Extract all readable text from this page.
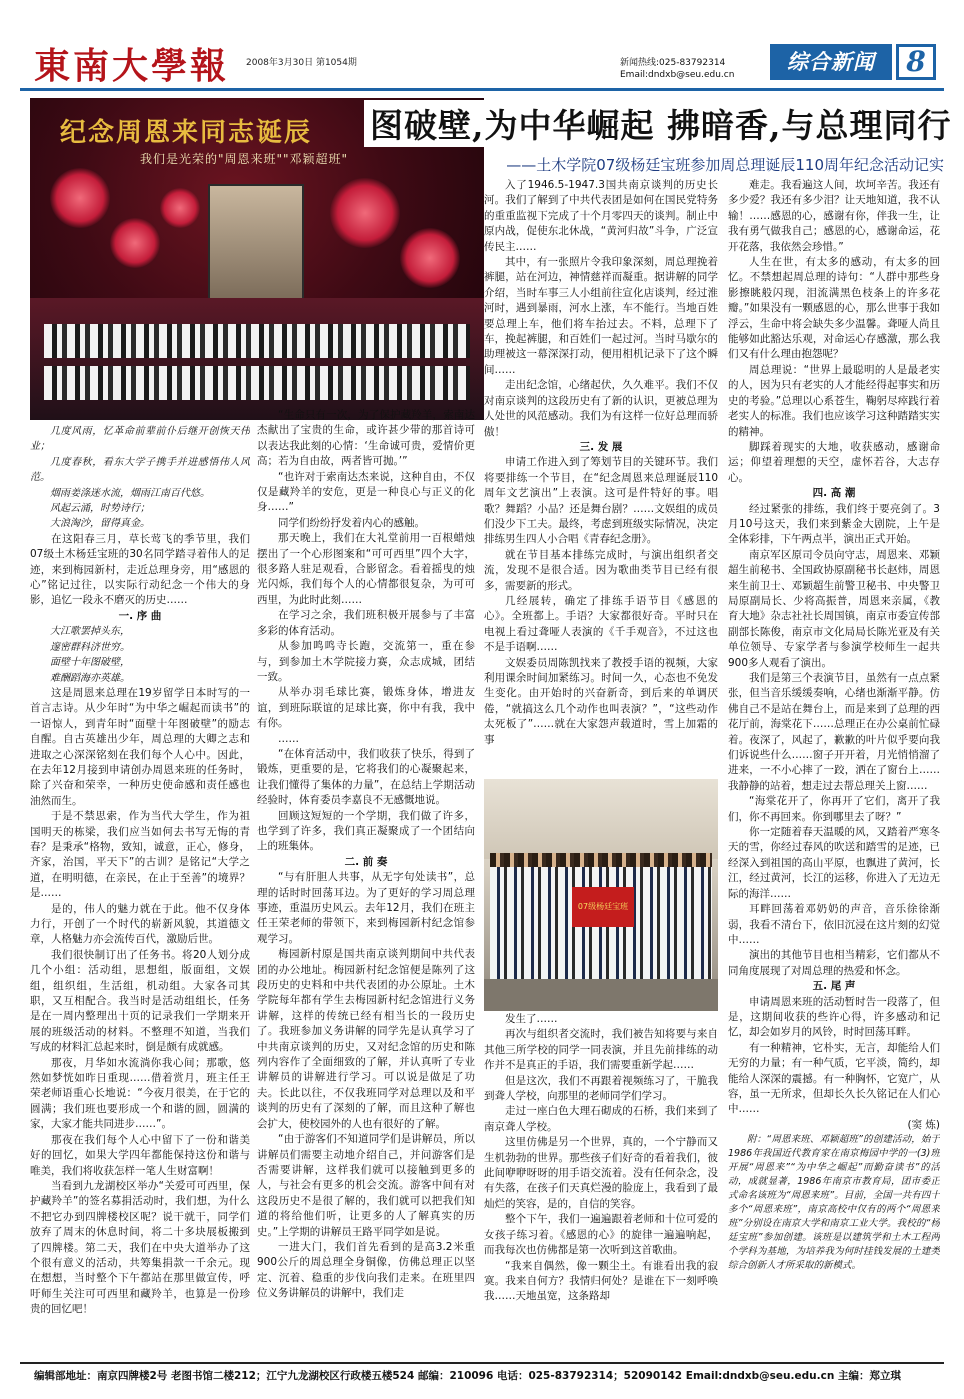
東南大學報 2008年3月30日 第1054期	新闻热线:025-83792314
Email:dndxb@seu.edu.cn
综合新闻	8
纪念周恩来同志诞辰
我们是光荣的"周恩来班""邓颖超班"
图破壁,为中华崛起 拂暗香,与总理同行
——土木学院07级杨廷宝班参加周总理诞辰110周年纪念活动记实

几度风雨，忆革命前辈前仆后继开创恢天伟业；

几度春秋，看东大学子携手并进感悟伟人风范。

烟雨姜涤迷水流，烟雨江南百代悠。

风起云涌，时势诗行；

大浪淘沙，留得真金。

在这阳春三月，草长莺飞的季节里，我们07级土木杨廷宝班的30名同学踏寻着伟人的足迹，来到梅园新村，走近总理身旁，用“感恩的心”铭记过往，以实际行动纪念一个伟大的身影，追忆一段永不磨灭的历史……

一. 序 曲

大江歌罢掉头东，

邃密群科济世穷。

面壁十年图破壁，

难酬蹈海亦英雄。

这是周恩来总理在19岁留学日本时写的一首言志诗。从少年时“为中华之崛起而读书”的一语惊人，到青年时“面壁十年图破壁”的励志自醒。自古英雄出少年，周总理的大卿之志和进取之心深深铭刻在我们每个人心中。因此，在去年12月接到申请创办周恩来班的任务时，除了兴奋和荣幸，一种历史使命感和责任感也油然而生。

于是不禁思索，作为当代大学生，作为祖国明天的栋梁，我们应当如何去书写无悔的青春？是秉承“格物，致知，诚意，正心，修身，齐家，治国，平天下”的古训？是铭记“大学之道，在明明德，在亲民，在止于至善”的境界？是……

是的，伟人的魅力就在于此。他不仅身体力行，开创了一个时代的崭新风貌，其道德文章，人格魅力亦会流传百代，激励后世。

我们很快制订出了任务书。将20人划分成几个小组：活动组，思想组，版面组，文娱组，组织组，生活组，机动组。大家各司其职，又互相配合。我当时是活动组组长，任务是在一周内整理出十页的记录我们一学期来开展的班级活动的材料。不整理不知道，当我们写成的材料汇总起来时，倒是颇有成就感。

那夜，月华如水流淌你我心间；那歌，悠然如梦恍如昨日重现……借着赏月，班主任王荣老师语重心长地说：“今夜月很美，在于它的圆满；我们班也要形成一个和谐的圆，圆满的家，大家才能共同进步……”。

那夜在我们每个人心中留下了一份和谐美好的回忆，如果大学四年都能保持这份和谐与唯美，我们将收获怎样一笔人生财富啊！

当看到九龙湖校区举办“关爱可可西里，保护藏羚羊”的签名募捐活动时，我们想，为什么不把它办到四牌楼校区呢？说干就干，同学们放弃了周末的休息时间，将二十多块展板搬到了四牌楼。第二天，我们在中央大道举办了这个很有意义的活动，共筹集捐款一千余元。现在想想，当时整个下午都站在那里做宣传，呼吁师生关注可可西里和藏羚羊，也算是一份珍贵的回忆吧！

“生命只有一次，为了保护藏羚羊，索南达杰献出了宝贵的生命，或许甚少带的那首诗可以表达我此刻的心情：‘生命诚可贵，爱情价更高；若为自由故，两者皆可抛。’”

“也许对于索南达杰来说，这种自由，不仅仅是藏羚羊的安危，更是一种良心与正义的化身……”

同学们纷纷抒发着内心的感触。

那天晚上，我们在大礼堂前用一百根蜡烛摆出了一个心形图案和“可可西里”四个大字，很多路人驻足观看，合影留念。看着摇曳的烛光闪烁，我们每个人的心情都很复杂，为可可西里，为此时此刻……

在学习之余，我们班积极开展参与了丰富多彩的体育活动。

从参加鸣鸣寺长跑，交流第一，重在参与，到参加土木学院接力赛，众志成城，团结一致。

从举办羽毛球比赛，锻炼身体，增进友谊，到班际联谊的足球比赛，你中有我，我中有你。

……

“在体育活动中，我们收获了快乐，得到了锻炼，更重要的是，它将我们的心凝聚起来，让我们懂得了集体的力量”，在总结上学期活动经验时，体育委员李嘉良不无感慨地说。

回顾这短短的一个学期，我们做了许多，也学到了许多，我们真正凝聚成了一个团结向上的班集体。

二. 前 奏

“与有肝胆人共事，从无字句处读书”，总理的话时时回荡耳边。为了更好的学习周总理事迹，重温历史风云。去年12月，我们在班主任王荣老师的带领下，来到梅园新村纪念馆参观学习。

梅园新村原是国共南京谈判期间中共代表团的办公地址。梅园新村纪念馆便是陈列了这段历史的史料和中共代表团的办公原址。土木学院每年都有学生去梅园新村纪念馆进行义务讲解，这样的传统已经有相当长的一段历史了。我班参加义务讲解的同学先是认真学习了中共南京谈判的历史，又对纪念馆的历史和陈列内容作了全面细致的了解，并认真听了专业讲解员的讲解进行学习。可以说是做足了功夫。长此以往，不仅我班同学对总理以及和平谈判的历史有了深刻的了解，而且这种了解也会扩大，使校园外的人也有很好的了解。

“由于游客们不知道同学们是讲解员，所以讲解员们需要主动地介绍自己，并问游客们是否需要讲解，这样我们就可以接触到更多的人，与社会有更多的机会交流。游客中间有对这段历史不是很了解的，我们就可以把我们知道的将给他们听，让更多的人了解真实的历史。”上学期的讲解员王路平同学如是说。

一进大门，我们首先看到的是高3.2米重900公斤的周总理全身铜像，仿佛总理正以坚定、沉着、稳重的步伐向我们走来。在班里四位义务讲解员的讲解中，我们走

入了1946.5-1947.3国共南京谈判的历史长河。我们了解到了中共代表团是如何在国民党特务的重重监视下完成了十个月零四天的谈判。制止中原内战，促使东北休战，“黄河归故”斗争，广泛宣传民主……

其中，有一张照片令我印象深刻，周总理挽着裤腿，站在河边，神情慈祥而凝重。据讲解的同学介绍，当时车事三人小组前往宣化店谈判，经过淮河时，遇到暴雨，河水上涨，车不能行。当地百姓要总理上车，他们将车抬过去。不料，总理下了车，挽起裤腿，和百姓们一起过河。当时马歇尔的助理被这一幕深深打动，便用相机记录下了这个瞬间……

走出纪念馆，心绪起伏，久久难平。我们不仅对南京谈判的这段历史有了新的认识，更被总理为人处世的风范感动。我们为有这样一位好总理而骄傲！

三. 发 展

申请工作进入到了筹划节目的关键环节。我们将要排练一个节目，在“纪念周恩来总理诞辰110周年文艺演出”上表演。这可是件特好的事。唱歌？舞蹈？小品？还是舞台剧？……文娱组的成员们没少下工夫。最终，考虑到班级实际情况，决定排练男生四人小合唱《青春纪念册》。

就在节目基本排练完成时，与演出组织者交流，发现不是很合适。因为歌曲类节目已经有很多，需要新的形式。

几经展转，确定了排练手语节目《感恩的心》。全班都上。手语？大家都很好奇。平时只在电视上看过聋哑人表演的《千手观音》，不过这也不是手语啊……

文娱委员周陈凯找来了教授手语的视频，大家利用课余时间加紧练习。时间一久，心态也不免发生变化。由开始时的兴奋新奇，到后来的单调厌倦，“就搞这么几个动作也叫表演？”，“这些动作太死板了”……就在大家怨声载道时，雪上加霜的事

07级杨廷宝班

发生了……

再次与组织者交流时，我们被告知将要与来自其他三所学校的同学一同表演，并且先前排练的动作并不是真正的手语，我们需要重新学起……

但是这次，我们不再跟着视频练习了，干脆我到聋人学校，向那里的老师同学们学习。

走过一座白色大理石砌成的石桥，我们来到了南京聋人学校。

这里仿佛是另一个世界，真的，一个宁静而又生机勃勃的世界。那些孩子们好奇的看着我们，彼此间咿咿呀呀的用手语交流着。没有任何杂念，没有失落，在孩子们天真烂漫的脸庞上，我看到了最灿烂的笑容，是的，自信的笑容。

整个下午，我们一遍遍跟着老师和十位可爱的女孩子练习着。《感恩的心》的旋律一遍遍响起，而我每次也仿佛都是第一次听到这首歌曲。

“我来自偶然，像一颗尘土。有谁看出我的寂寞。我来自何方？我情归何处？是谁在下一刻呼唤我……天地虽宽，这条路却

难走。我看遍这人间，坎坷辛苦。我还有多少爱？我还有多少泪？让天地知道，我不认输！……感恩的心，感谢有你，伴我一生，让我有勇气做我自己；感恩的心，感谢命运，花开花落，我依然会珍惜。”

人生在世，有太多的感动，有太多的回忆。不禁想起周总理的诗句：“人群中那些身影擦眺般闪现，泪流满黑色枝条上的许多花瓣。”如果没有一颗感恩的心，那么世事于我如浮云，生命中将会缺失多少温馨。聋哑人尚且能够如此豁达乐观，对命运心存感激，那么我们又有什么理由抱怨呢？

周总理说：“世界上最聪明的人是最老实的人，因为只有老实的人才能经得起事实和历史的考验。”总理以心系苍生，鞠躬尽瘁践行着老实人的标准。我们也应该学习这种踏踏实实的精神。

脚踩着现实的大地，收获感动，感谢命运；仰望着理想的天空，虚怀若谷，大志存心。

四. 高 潮

经过紧张的排练，我们终于要亮剑了。3月10号这天，我们来到紫金大剧院，上午是全体彩排，下午两点半，演出正式开始。

南京军区原司令员向守志，周恩来、邓颖超生前秘书、全国政协原副秘书长赵炜，周恩来生前卫士、邓颖超生前警卫秘书、中央警卫局原副局长、少将高振普，周恩来亲属，《教育大地》杂志社社长周国镇，南京市委宣传部副部长陈俊，南京市文化局局长陈光亚及有关单位领导、专家学者与参演学校师生一起共900多人观看了演出。

我们是第三个表演节目，虽然有一点点紧张，但当音乐缓缓奏响，心绪也渐渐平静。仿佛自己不是站在舞台上，而是来到了总理的西花厅前，海棠花下……总理正在办公桌前忙碌着。夜深了，风起了，歉歉的叶片似乎要向我们诉说些什么……窗子开开着，月光悄悄溜了进来，一不小心摔了一跤，洒在了窗台上……我静静的站着，想走过去帮总理关上窗……

“海棠花开了，你再开了它们，离开了我们，你不再回来。你到哪里去了呀？”

你一定随着春天温暖的风，又踏着严寒冬天的雪，你经过春风的吹送和踏雪的足迹，已经深入到祖国的高山平原，也飘进了黄河，长江，经过黄河，长江的运移，你进入了无边无际的海洋……

耳畔回荡着邓奶奶的声音，音乐徐徐渐弱，我看不清台下，依旧沉浸在这片刻的幻觉中……

演出的其他节目也相当精彩，它们都从不同角度展现了对周总理的热爱和怀念。

五. 尾 声

申请周恩来班的活动暂时告一段落了，但是，这期间收获的些许心得，许多感动和记忆，却会如岁月的风铃，时时回荡耳畔。

有一种精神，它朴实，无言，却能给人们无穷的力量；有一种气质，它平淡，简约，却能给人深深的震撼。有一种胸怀，它宽广，从容，虽一无所求，但却长久长久铭记在人们心中……

(窦 炼)

附：“周恩来班、邓颖超班”的创建活动，始于1986年我国近代教育家在南京梅园中学的一(3)班开展“周恩来”“为中华之崛起”而勤奋读书”的活动，成就显著，1986年南京市教育局，团市委正式命名该班为“周恩来班”。目前，全国一共有四十多个“周恩来班”，南京高校中仅有的两个“周恩来班”分别设在南京大学和南京工业大学。我校的“杨廷宝班”参加创建。该班是以建筑学和土木工程两个学科为基地，为培养我为何时挂钱发展的土建类综合创新人才所采取的新模式。

编辑部地址：南京四牌楼2号 老图书馆二楼212；江宁九龙湖校区行政楼五楼524 邮编：210096 电话：025-83792314；52090142 Email:dndxb@seu.edu.cn 主编：郑立琪
